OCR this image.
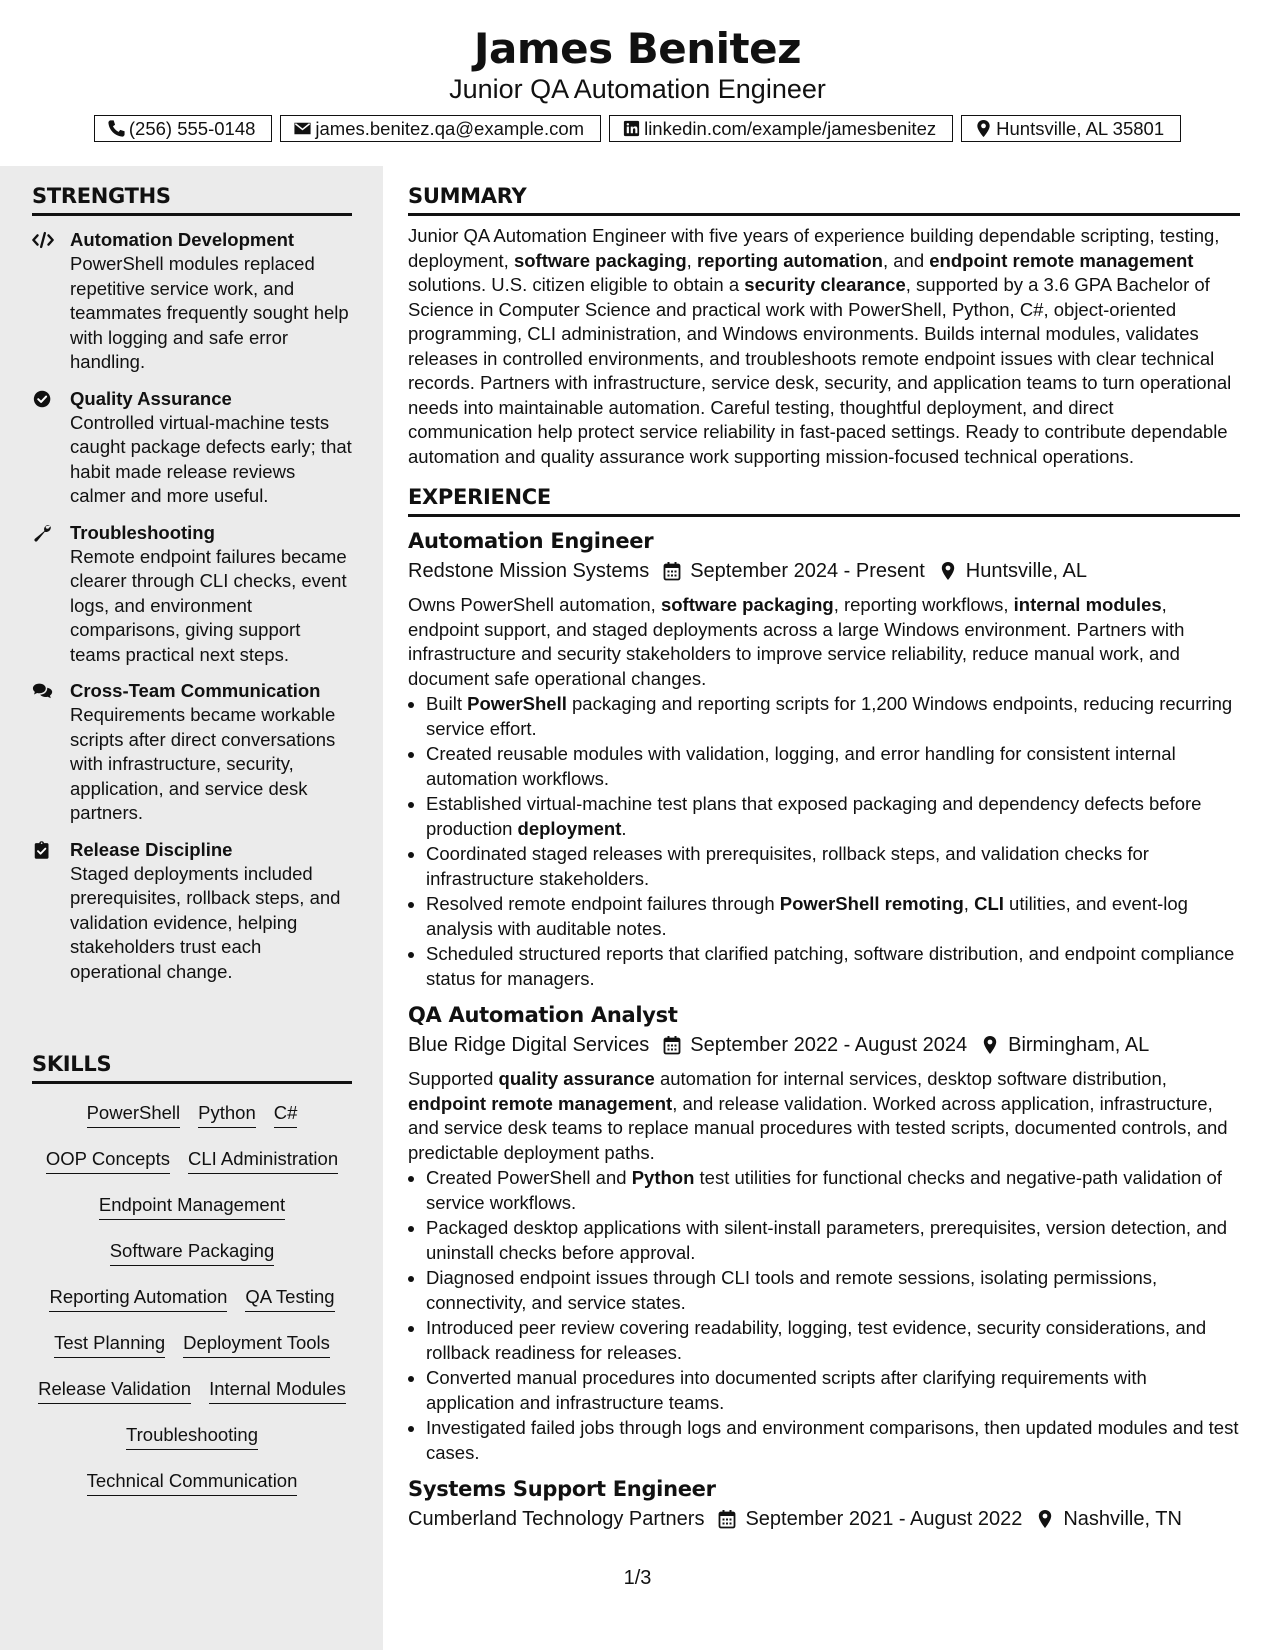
James Benitez
Junior QA Automation Engineer
(256) 555-0148	james.benitez.qa@example.com	linkedin.com/example/jamesbenitez	Huntsville, AL 35801
STRENGTHS
Automation Development
PowerShell modules replaced repetitive service work, and teammates frequently sought help with logging and safe error handling.
Quality Assurance
Controlled virtual-machine tests caught package defects early; that habit made release reviews calmer and more useful.
Troubleshooting
Remote endpoint failures became clearer through CLI checks, event logs, and environment comparisons, giving support teams practical next steps.
Cross-Team Communication
Requirements became workable scripts after direct conversations with infrastructure, security, application, and service desk partners.
Release Discipline
Staged deployments included prerequisites, rollback steps, and validation evidence, helping stakeholders trust each operational change.
SKILLS
PowerShell Python C#
OOP Concepts CLI Administration
Endpoint Management
Software Packaging
Reporting Automation QA Testing
Test Planning Deployment Tools
Release Validation Internal Modules
Troubleshooting
Technical Communication
SUMMARY
Junior QA Automation Engineer with five years of experience building dependable scripting, testing, deployment, software packaging, reporting automation, and endpoint remote management solutions. U.S. citizen eligible to obtain a security clearance, supported by a 3.6 GPA Bachelor of Science in Computer Science and practical work with PowerShell, Python, C#, object-oriented programming, CLI administration, and Windows environments. Builds internal modules, validates releases in controlled environments, and troubleshoots remote endpoint issues with clear technical records. Partners with infrastructure, service desk, security, and application teams to turn operational needs into maintainable automation. Careful testing, thoughtful deployment, and direct communication help protect service reliability in fast-paced settings. Ready to contribute dependable automation and quality assurance work supporting mission-focused technical operations.
EXPERIENCE
Automation Engineer
Redstone Mission Systems September 2024 - Present Huntsville, AL
Owns PowerShell automation, software packaging, reporting workflows, internal modules, endpoint support, and staged deployments across a large Windows environment. Partners with infrastructure and security stakeholders to improve service reliability, reduce manual work, and document safe operational changes.
• Built PowerShell packaging and reporting scripts for 1,200 Windows endpoints, reducing recurring service effort.
• Created reusable modules with validation, logging, and error handling for consistent internal automation workflows.
• Established virtual-machine test plans that exposed packaging and dependency defects before production deployment.
• Coordinated staged releases with prerequisites, rollback steps, and validation checks for infrastructure stakeholders.
• Resolved remote endpoint failures through PowerShell remoting, CLI utilities, and event-log analysis with auditable notes.
• Scheduled structured reports that clarified patching, software distribution, and endpoint compliance status for managers.
QA Automation Analyst
Blue Ridge Digital Services September 2022 - August 2024 Birmingham, AL
Supported quality assurance automation for internal services, desktop software distribution, endpoint remote management, and release validation. Worked across application, infrastructure, and service desk teams to replace manual procedures with tested scripts, documented controls, and predictable deployment paths.
• Created PowerShell and Python test utilities for functional checks and negative-path validation of service workflows.
• Packaged desktop applications with silent-install parameters, prerequisites, version detection, and uninstall checks before approval.
• Diagnosed endpoint issues through CLI tools and remote sessions, isolating permissions, connectivity, and service states.
• Introduced peer review covering readability, logging, test evidence, security considerations, and rollback readiness for releases.
• Converted manual procedures into documented scripts after clarifying requirements with application and infrastructure teams.
• Investigated failed jobs through logs and environment comparisons, then updated modules and test cases.
Systems Support Engineer
Cumberland Technology Partners September 2021 - August 2022 Nashville, TN
1/3
